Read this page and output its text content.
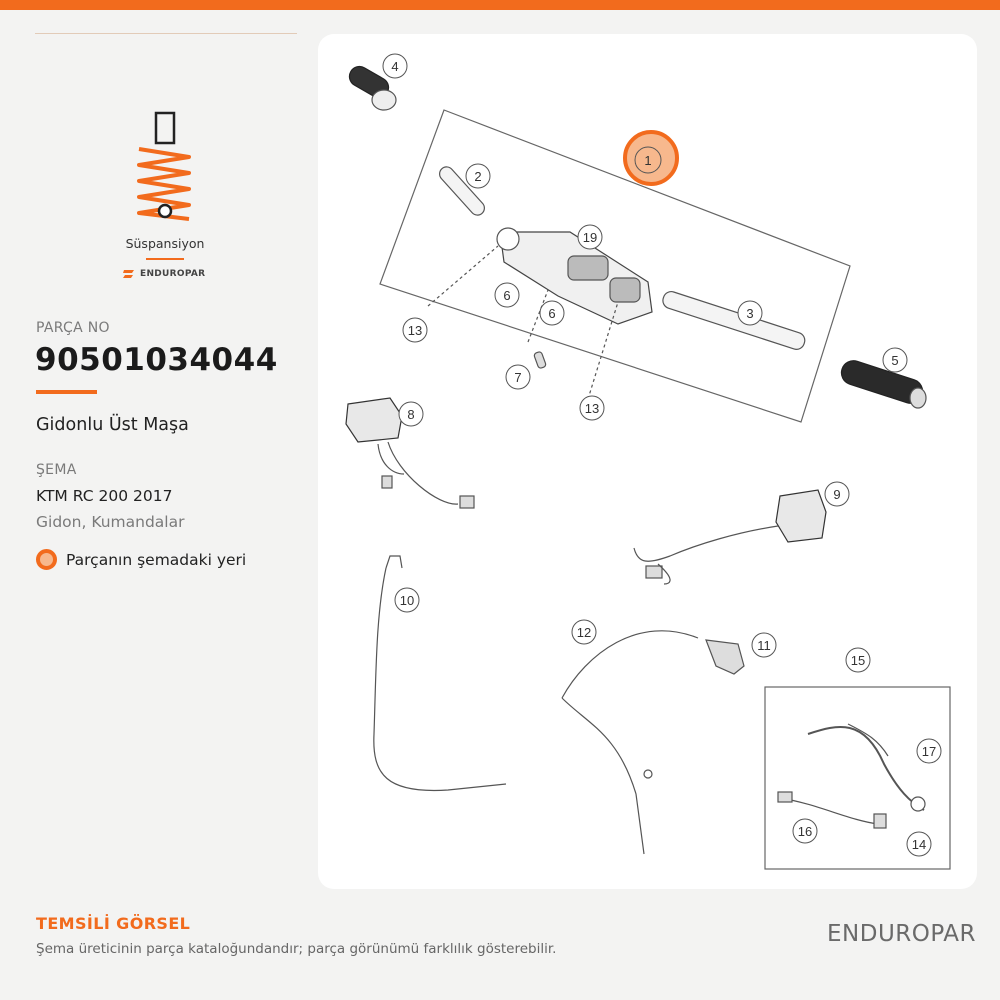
Süspansiyon
ENDUROPAR
PARÇA NO
90501034044
Gidonlu Üst Maşa
ŞEMA
KTM RC 200 2017
Gidon, Kumandalar
Parçanın şemadaki yeri
1
2
3
4
5
6
6
7
8
9
10
11
12
13
13
14
15
16
17
19
TEMSİLİ GÖRSEL
Şema üreticinin parça kataloğundandır; parça görünümü farklılık gösterebilir.
ENDUROPAR
